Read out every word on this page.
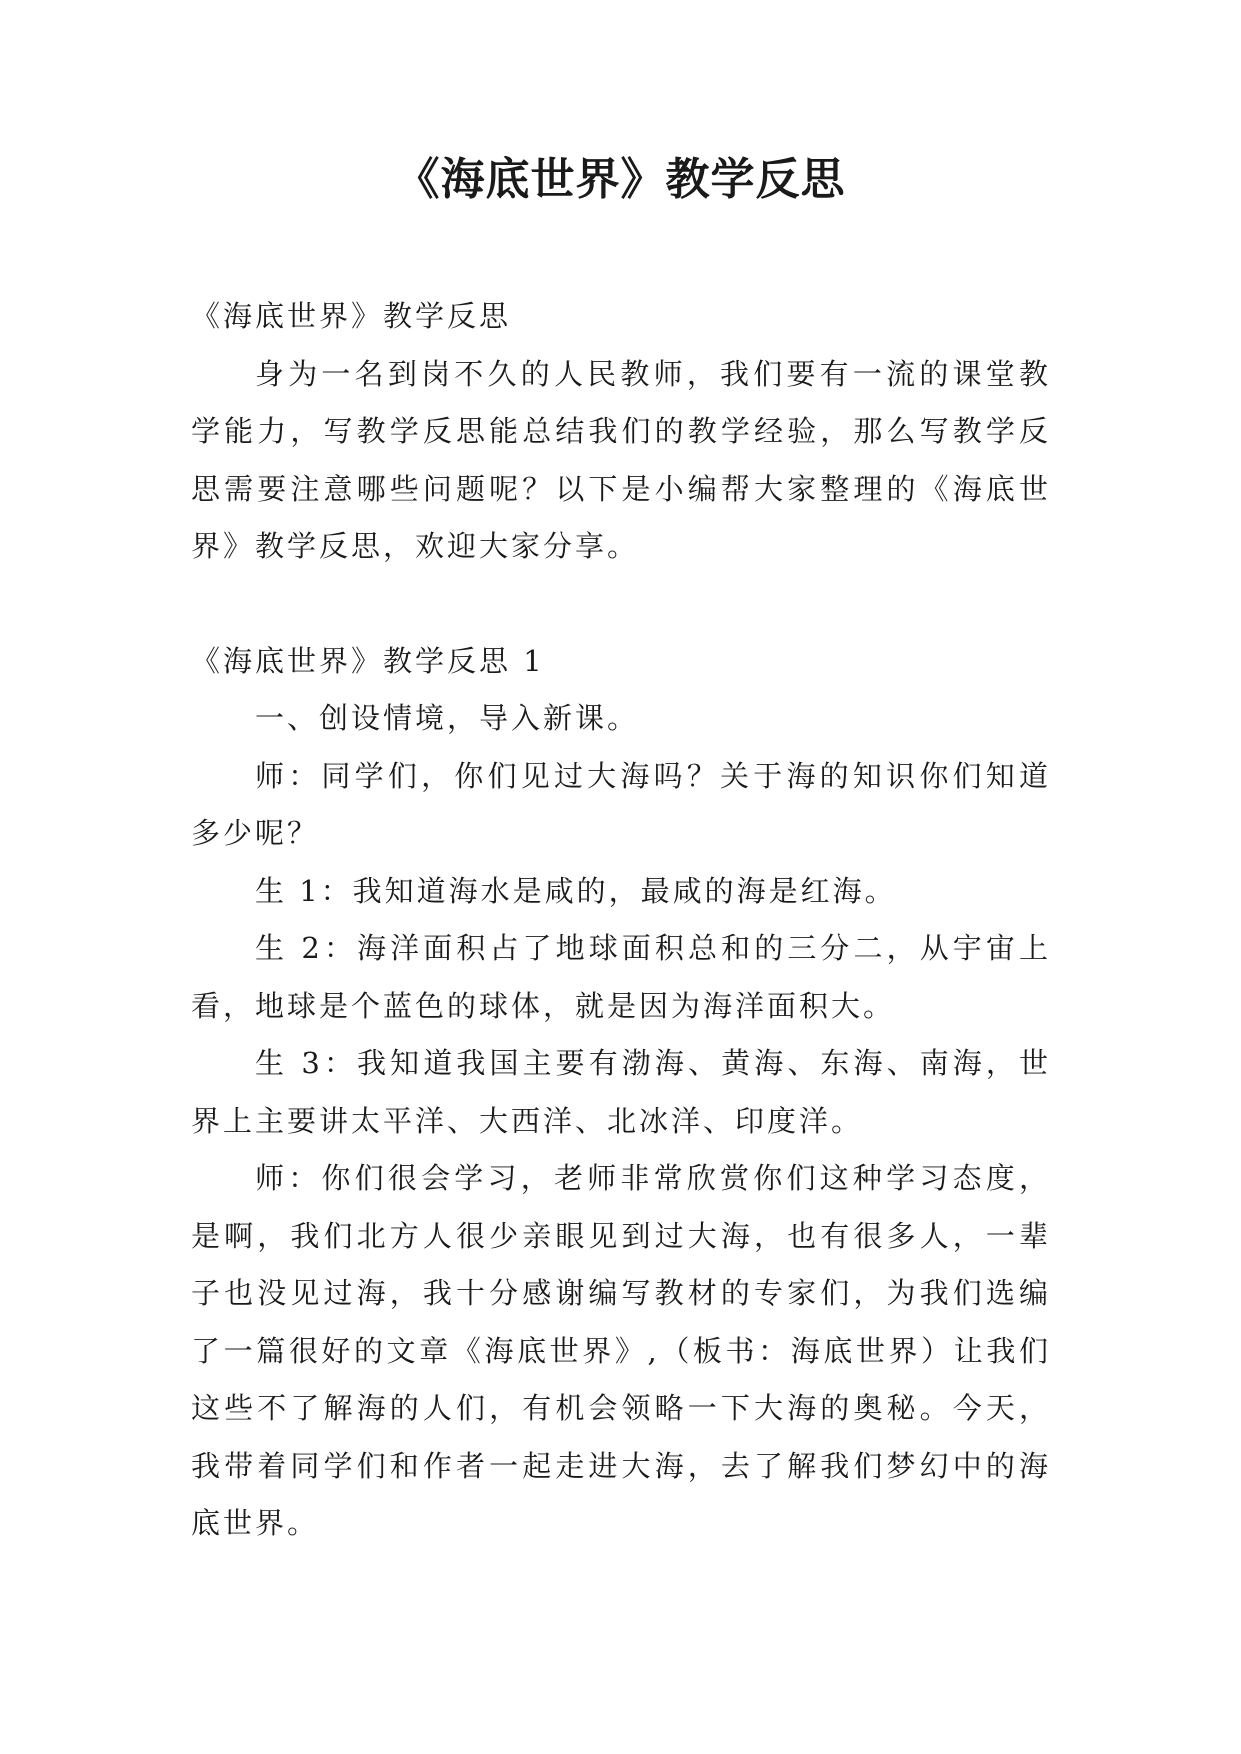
《海底世界》教学反思

《海底世界》教学反思

身为一名到岗不久的人民教师，我们要有一流的课堂教学能力，写教学反思能总结我们的教学经验，那么写教学反思需要注意哪些问题呢？以下是小编帮大家整理的《海底世界》教学反思，欢迎大家分享。

《海底世界》教学反思 1

一、创设情境，导入新课。

师：同学们，你们见过大海吗？关于海的知识你们知道多少呢？

生 1：我知道海水是咸的，最咸的海是红海。

生 2：海洋面积占了地球面积总和的三分二，从宇宙上看，地球是个蓝色的球体，就是因为海洋面积大。

生 3：我知道我国主要有渤海、黄海、东海、南海，世界上主要讲太平洋、大西洋、北冰洋、印度洋。

师：你们很会学习，老师非常欣赏你们这种学习态度，是啊，我们北方人很少亲眼见到过大海，也有很多人，一辈子也没见过海，我十分感谢编写教材的专家们，为我们选编了一篇很好的文章《海底世界》,（板书：海底世界）让我们这些不了解海的人们，有机会领略一下大海的奥秘。今天，我带着同学们和作者一起走进大海，去了解我们梦幻中的海底世界。
